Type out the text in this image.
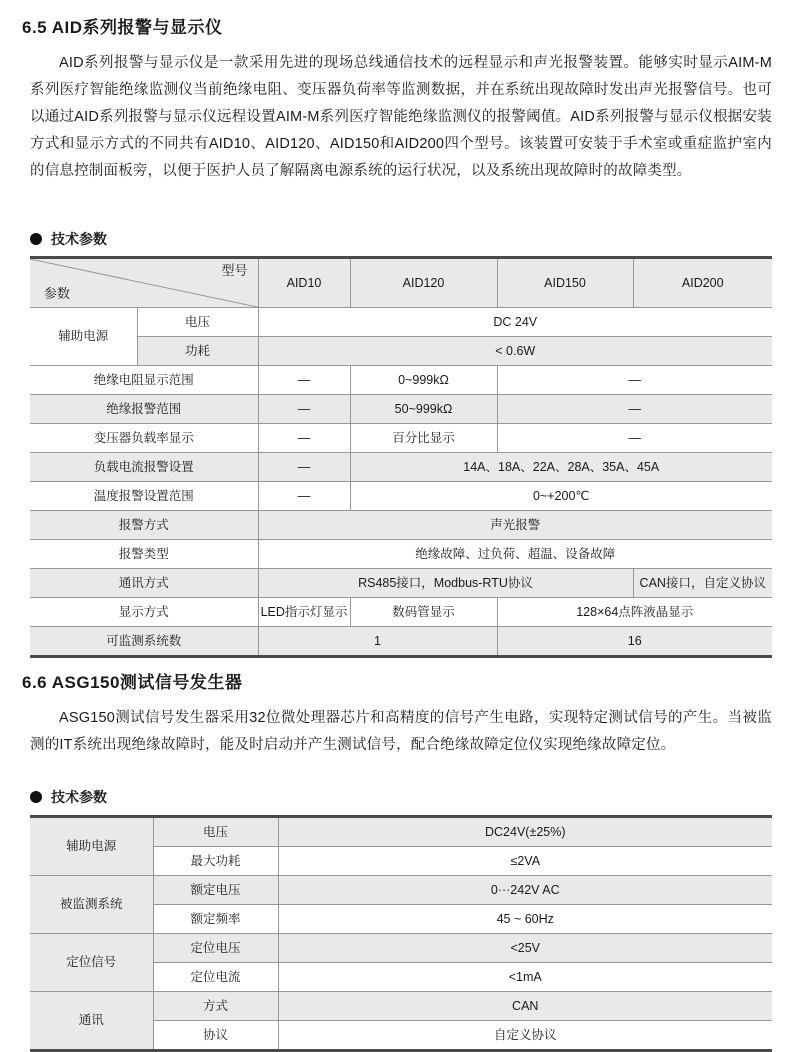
6.5 AID系列报警与显示仪
AID系列报警与显示仪是一款采用先进的现场总线通信技术的远程显示和声光报警装置。能够实时显示AIM-M系列医疗智能绝缘监测仪当前绝缘电阻、变压器负荷率等监测数据，并在系统出现故障时发出声光报警信号。也可以通过AID系列报警与显示仪远程设置AIM-M系列医疗智能绝缘监测仪的报警阈值。AID系列报警与显示仪根据安装方式和显示方式的不同共有AID10、AID120、AID150和AID200四个型号。该装置可安装于手术室或重症监护室内的信息控制面板旁，以便于医护人员了解隔离电源系统的运行状况，以及系统出现故障时的故障类型。
技术参数
型号
参数		AID10	AID120	AID150	AID200
辅助电源	电压	DC 24V			
	功耗	< 0.6W			
绝缘电阻显示范围		—	0~999kΩ	—	
绝缘报警范围		—	50~999kΩ	—	
变压器负载率显示		—	百分比显示	—	
负载电流报警设置		—	14A、18A、22A、28A、35A、45A		
温度报警设置范围		—	0~+200℃		
报警方式		声光报警			
报警类型		绝缘故障、过负荷、超温、设备故障			
通讯方式		RS485接口，Modbus-RTU协议			CAN接口，自定义协议
显示方式		LED指示灯显示	数码管显示	128×64点阵液晶显示	
可监测系统数		1		16	
6.6 ASG150测试信号发生器
ASG150测试信号发生器采用32位微处理器芯片和高精度的信号产生电路，实现特定测试信号的产生。当被监测的IT系统出现绝缘故障时，能及时启动并产生测试信号，配合绝缘故障定位仪实现绝缘故障定位。
技术参数
辅助电源	电压	DC24V(±25%)
	最大功耗	≤2VA
被监测系统	额定电压	0···242V AC
	额定频率	45 ~ 60Hz
定位信号	定位电压	<25V
	定位电流	<1mA
通讯	方式	CAN
	协议	自定义协议
